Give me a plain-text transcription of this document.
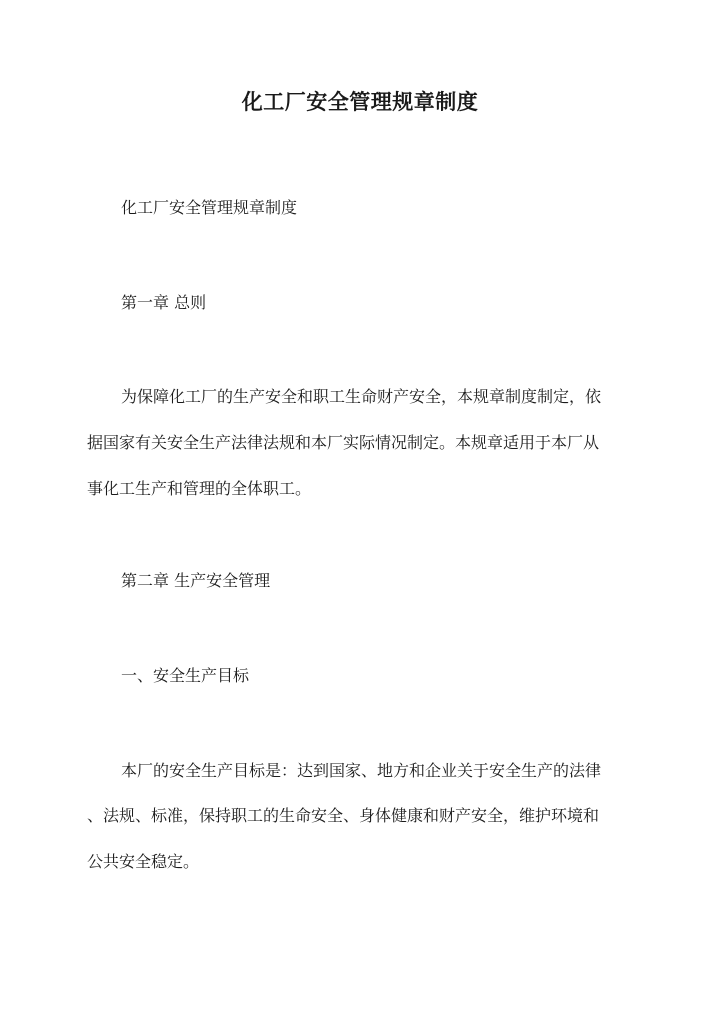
化工厂安全管理规章制度
化工厂安全管理规章制度
第一章 总则
为保障化工厂的生产安全和职工生命财产安全，本规章制度制定，依
据国家有关安全生产法律法规和本厂实际情况制定。本规章适用于本厂从
事化工生产和管理的全体职工。
第二章 生产安全管理
一、安全生产目标
本厂的安全生产目标是：达到国家、地方和企业关于安全生产的法律
、法规、标准，保持职工的生命安全、身体健康和财产安全，维护环境和
公共安全稳定。
